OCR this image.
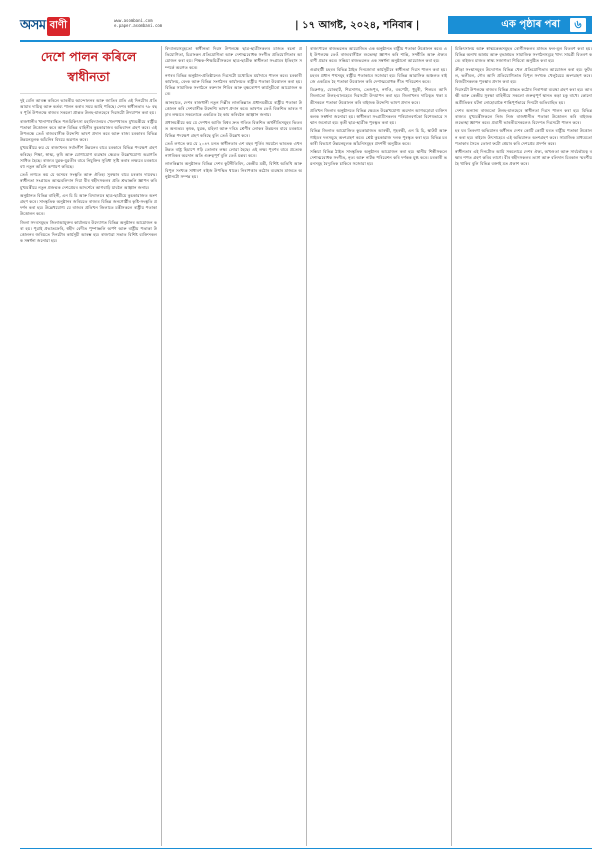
অসম বাণী	www.asombani.com
e.paper.asombani.com	| ১৭ আগষ্ট, ২০২৪, শনিবাৰ |	এক পৃষ্ঠাৰ পৰা	৬
দেশে পালন কৰিলে স্বাধীনতা

দুই বেলি আৰম্ভ কৰিলে ভাৰতীয় আন্দোলনৰ আৰু জাতিৰ প্ৰতি এই দিনটোৰ প্ৰতি আমাৰ দায়িত্ব আৰু কৰ্তব্য পালন কৰাৰ সময় আহি পৰিছে। দেশৰ স্বাধীনতাৰ ৭৮ বছৰ পূৰ্তি উপলক্ষে ৰাজ্যৰ সকলো প্ৰান্তত উলহ-মালহেৰে দিৱসটো উদযাপন কৰা হয়।

ৰাজধানীৰ খানাপাৰাস্থিত পশুচিকিৎসা মহাবিদ্যালয়ৰ খেলপথাৰত মুখ্যমন্ত্ৰীয়ে ৰাষ্ট্ৰীয় পতাকা উত্তোলন কৰে আৰু বিভিন্ন বাহিনীৰ কুচকাৱাজৰ অভিবাদন গ্ৰহণ কৰে। এই উপলক্ষে তেওঁ ৰাজ্যবাসীক উদ্দেশ্যি ভাষণ প্ৰদান কৰে আৰু ৰাজ্য চৰকাৰৰ বিভিন্ন উন্নয়নমূলক আঁচনিৰ বিষয়ে অৱগত কৰে।

মুখ্যমন্ত্ৰীয়ে কয় যে ৰাজ্যখনৰ সৰ্বাংগীণ উন্নয়নৰ বাবে চৰকাৰে বিভিন্ন পদক্ষেপ গ্ৰহণ কৰিছে। শিক্ষা, স্বাস্থ্য, কৃষি আৰু যোগাযোগ ব্যৱস্থাৰ ক্ষেত্ৰত উল্লেখযোগ্য অগ্ৰগতি সাধিত হৈছে। ৰাজ্যৰ যুৱক-যুৱতীৰ বাবে নিযুক্তিৰ সুবিধা সৃষ্টি কৰাৰ লক্ষ্যৰে চৰকাৰে বহু নতুন আঁচনি ৰূপায়ণ কৰিছে।

তেওঁ লগতে কয় যে অসমৰ সংস্কৃতি আৰু ঐতিহ্য সুৰক্ষাৰ বাবে চৰকাৰ দায়বদ্ধ। স্বাধীনতা সংগ্ৰামত আত্মবলিদান দিয়া বীৰ শ্বহীদসকলৰ প্ৰতি শ্ৰদ্ধাঞ্জলি জ্ঞাপন কৰি মুখ্যমন্ত্ৰীয়ে নতুন প্ৰজন্মক দেশপ্ৰেমৰ আদৰ্শেৰে আগবাঢ়ি যাবলৈ আহ্বান জনায়।

অনুষ্ঠানত বিভিন্ন বাহিনী, এন চি চি আৰু বিদ্যালয়ৰ ছাত্ৰ-ছাত্ৰীয়ে কুচকাৱাজত অংশগ্ৰহণ কৰে। সাংস্কৃতিক অনুষ্ঠানৰ জৰিয়তে ৰাজ্যৰ বিভিন্ন জনগোষ্ঠীৰ কৃষ্টি-সংস্কৃতি প্ৰদৰ্শন কৰা হয়। উল্লেখযোগ্য যে ৰাজ্যৰ প্ৰতিখন জিলাতে মন্ত্ৰীসকলে ৰাষ্ট্ৰীয় পতাকা উত্তোলন কৰে।

জিলা সদৰসমূহত জিলাআয়ুক্তৰ কাৰ্যালয়ৰ উদ্যোগত বিভিন্ন অনুষ্ঠানৰ আয়োজন কৰা হয়। পুৱাই প্ৰভাতফেৰি, শ্বহীদ বেদীত পুষ্পাঞ্জলি অৰ্পণ আৰু ৰাষ্ট্ৰীয় পতাকা উত্তোলনৰ জৰিয়তে দিনটোৰ কাৰ্যসূচী আৰম্ভ হয়। ৰাজহুৱা সভাত বিশিষ্ট ব্যক্তিসকলক সম্বৰ্ধনা জনোৱা হয়।

বিদ্যালয়সমূহতো স্বাধীনতা দিৱস উপলক্ষে ছাত্ৰ-ছাত্ৰীসকলৰ মাজত ৰচনা প্ৰতিযোগিতা, চিত্ৰাংকন প্ৰতিযোগিতা আৰু দেশাত্মবোধক সংগীত প্ৰতিযোগিতাৰ আয়োজন কৰা হয়। শিক্ষক-শিক্ষয়িত্ৰীসকলে ছাত্ৰ-ছাত্ৰীক স্বাধীনতা সংগ্ৰামৰ ইতিহাস সম্পৰ্কে অৱগত কৰে।

নগৰৰ বিভিন্ন অনুষ্ঠান-প্ৰতিষ্ঠানেও দিৱসটো যথোচিত মৰ্যাদাৰে পালন কৰে। চৰকাৰী কাৰ্যালয়, বেংক আৰু বিভিন্ন সংগঠনৰ কাৰ্যালয়ত ৰাষ্ট্ৰীয় পতাকা উত্তোলন কৰা হয়। বিভিন্ন সামাজিক সংগঠনে ৰক্তদান শিবিৰ আৰু বৃক্ষৰোপণ কাৰ্যসূচীৰো আয়োজন কৰে।

আনহাতে, দেশৰ ৰাজধানী নতুন দিল্লীৰ লালকিল্লাত প্ৰধানমন্ত্ৰীয়ে ৰাষ্ট্ৰীয় পতাকা উত্তোলন কৰি দেশবাসীক উদ্দেশ্যি ভাষণ প্ৰদান কৰে। ভাষণত তেওঁ বিকশিত ভাৰত গঢ়াৰ লক্ষ্যৰে সকলোকে একত্ৰিত হৈ কাম কৰিবলৈ আহ্বান জনায়।

প্ৰধানমন্ত্ৰীয়ে কয় যে দেশখন আজি বিশ্বৰ দ্ৰুত গতিত বিকশিত অৰ্থনীতিসমূহৰ ভিতৰত অন্যতম। কৃষক, যুৱক, মহিলা আৰু দৰিদ্ৰ শ্ৰেণীৰ লোকৰ উন্নয়নৰ বাবে চৰকাৰে বিভিন্ন পদক্ষেপ গ্ৰহণ কৰিছে বুলি তেওঁ উল্লেখ কৰে।

তেওঁ লগতে কয় যে ২০৪৭ চনত স্বাধীনতাৰ এশ বছৰ পূৰ্তিৰ সময়লৈ ভাৰতক এখন উন্নত ৰাষ্ট্ৰ হিচাপে গঢ়ি তোলাৰ লক্ষ্য লোৱা হৈছে। এই লক্ষ্য পূৰণৰ বাবে প্ৰত্যেক নাগৰিকৰ অৱদান অতি গুৰুত্বপূৰ্ণ বুলি তেওঁ মন্তব্য কৰে।

লালকিল্লাৰ অনুষ্ঠানত বিভিন্ন দেশৰ কূটনীতিবিদ, কেন্দ্ৰীয় মন্ত্ৰী, বিশিষ্ট অতিথি আৰু বিপুল সংখ্যক সাধাৰণ ৰাইজ উপস্থিত থাকে। নিৰাপত্তাৰ কঠোৰ ব্যৱস্থাৰ মাজতে অনুষ্ঠানটো সম্পন্ন হয়।

ৰাজ্যপালে ৰাজভৱনত আয়োজিত এক অনুষ্ঠানত ৰাষ্ট্ৰীয় পতাকা উত্তোলন কৰে। এই উপলক্ষে তেওঁ ৰাজ্যবাসীলৈ শুভেচ্ছা জ্ঞাপন কৰি শান্তি, সম্প্ৰীতি আৰু ঐক্যৰ বাণী প্ৰচাৰ কৰে। সন্ধিয়া ৰাজভৱনত এক সম্বৰ্ধনা অনুষ্ঠানো আয়োজন কৰা হয়।

গুৱাহাটী চহৰৰ বিভিন্ন ঠাইত দিনজোৰা কাৰ্যসূচীৰে স্বাধীনতা দিৱস পালন কৰা হয়। চহৰৰ প্ৰধান পথসমূহ ৰাষ্ট্ৰীয় পতাকাৰে সজোৱা হয়। বিভিন্ন আৱাসিক অঞ্চলত ৰাইজে একত্ৰিত হৈ পতাকা উত্তোলন কৰি দেশাত্মবোধক গীত পৰিৱেশন কৰে।

ডিব্ৰুগড়, যোৰহাট, শিৱসাগৰ, তেজপুৰ, নগাঁও, বৰপেটা, ধুবুৰী, শিলচৰ আদি জিলাতো উলহ-মালহেৰে দিৱসটো উদযাপন কৰা হয়। জিলাখনৰ দায়িত্বত থকা মন্ত্ৰীসকলে পতাকা উত্তোলন কৰি ৰাইজক উদ্দেশ্যি ভাষণ প্ৰদান কৰে।

প্ৰতিখন জিলাৰ অনুষ্ঠানতে বিভিন্ন ক্ষেত্ৰত উল্লেখযোগ্য অৱদান আগবঢ়োৱা ব্যক্তিসকলক সম্বৰ্ধনা জনোৱা হয়। স্বাধীনতা সংগ্ৰামীসকলৰ পৰিয়ালবৰ্গকো বিশেষভাৱে সন্মান জনোৱা হয়। কৃতী ছাত্ৰ-ছাত্ৰীক পুৰস্কৃত কৰা হয়।

বিভিন্ন জিলাত আয়োজিত কুচকাৱাজত আৰক্ষী, গৃহৰক্ষী, এন চি চি, স্কাউট আৰু গাইডৰ দলসমূহে অংশগ্ৰহণ কৰে। শ্ৰেষ্ঠ কুচকাৱাজ দলক পুৰস্কৃত কৰা হয়। বিভিন্ন চৰকাৰী বিভাগে উন্নয়নমূলক আঁচনিসমূহৰ প্ৰদৰ্শনী অনুষ্ঠিত কৰে।

সন্ধিয়া বিভিন্ন ঠাইত সাংস্কৃতিক অনুষ্ঠানৰ আয়োজন কৰা হয়। স্থানীয় শিল্পীসকলে দেশাত্মবোধক সংগীত, নৃত্য আৰু নাটক পৰিৱেশন কৰি দৰ্শকক মুগ্ধ কৰে। চৰকাৰী ভৱনসমূহ বৈদ্যুতিক চাকিৰে সজোৱা হয়।

চিকিৎসালয় আৰু স্বাস্থ্যকেন্দ্ৰসমূহত ৰোগীসকলৰ মাজত ফল-মূল বিতৰণ কৰা হয়। বিভিন্ন অনাথ আশ্ৰম আৰু বৃদ্ধাশ্ৰমত সামাজিক সংগঠনসমূহে খাদ্য সামগ্ৰী বিতৰণ কৰে। ৰাইজৰ মাজত স্বাস্থ্য সজাগতা শিবিৰো অনুষ্ঠিত কৰা হয়।

ক্ৰীড়া সংস্থাসমূহৰ উদ্যোগত বিভিন্ন খেল প্ৰতিযোগিতাৰ আয়োজন কৰা হয়। ফুটবল, ভলীবল, দৌৰ আদি প্ৰতিযোগিতাত বিপুল সংখ্যক খেলুৱৈয়ে অংশগ্ৰহণ কৰে। বিজয়ীসকলক পুৰস্কাৰ প্ৰদান কৰা হয়।

দিৱসটো উপলক্ষে ৰাজ্যৰ বিভিন্ন প্ৰান্তত কঠোৰ নিৰাপত্তা ব্যৱস্থা গ্ৰহণ কৰা হয়। আৰক্ষী আৰু কেন্দ্ৰীয় সুৰক্ষা বাহিনীয়ে সকলো গুৰুত্বপূৰ্ণ স্থানত কড়া চকু ৰাখে। কোনো অপ্ৰীতিকৰ ঘটনা নোহোৱাকৈ শান্তিপূৰ্ণভাৱে দিনটো অতিবাহিত হয়।

দেশৰ অন্যান্য ৰাজ্যতো উলহ-মালহেৰে স্বাধীনতা দিৱস পালন কৰা হয়। বিভিন্ন ৰাজ্যৰ মুখ্যমন্ত্ৰীসকলে নিজ নিজ ৰাজধানীত পতাকা উত্তোলন কৰি ৰাইজক শুভেচ্ছা জ্ঞাপন কৰে। প্ৰবাসী ভাৰতীয়সকলেও বিদেশত দিৱসটো পালন কৰে।

হৰ ঘৰ তিৰংগা অভিযানৰ অধীনত দেশৰ কোটি কোটি ঘৰত ৰাষ্ট্ৰীয় পতাকা উত্তোলন কৰা হয়। ৰাইজে উৎসাহেৰে এই অভিযানত অংশগ্ৰহণ কৰে। সামাজিক মাধ্যমতো পতাকাৰ সৈতে তোলা ফটো শ্বেয়াৰ কৰি দেশপ্ৰেম প্ৰদৰ্শন কৰে।

স্বাধীনতাৰ এই দিনটোত আমি সকলোৱে দেশৰ ঐক্য, অখণ্ডতা আৰু সাৰ্বভৌমত্ব ৰক্ষাৰ শপত গ্ৰহণ কৰিব লাগে। বীৰ শ্বহীদসকলৰ ত্যাগ আৰু বলিদান চিৰকাল স্মৰণীয় হৈ থাকিব বুলি বিভিন্ন বক্তাই মত প্ৰকাশ কৰে।
